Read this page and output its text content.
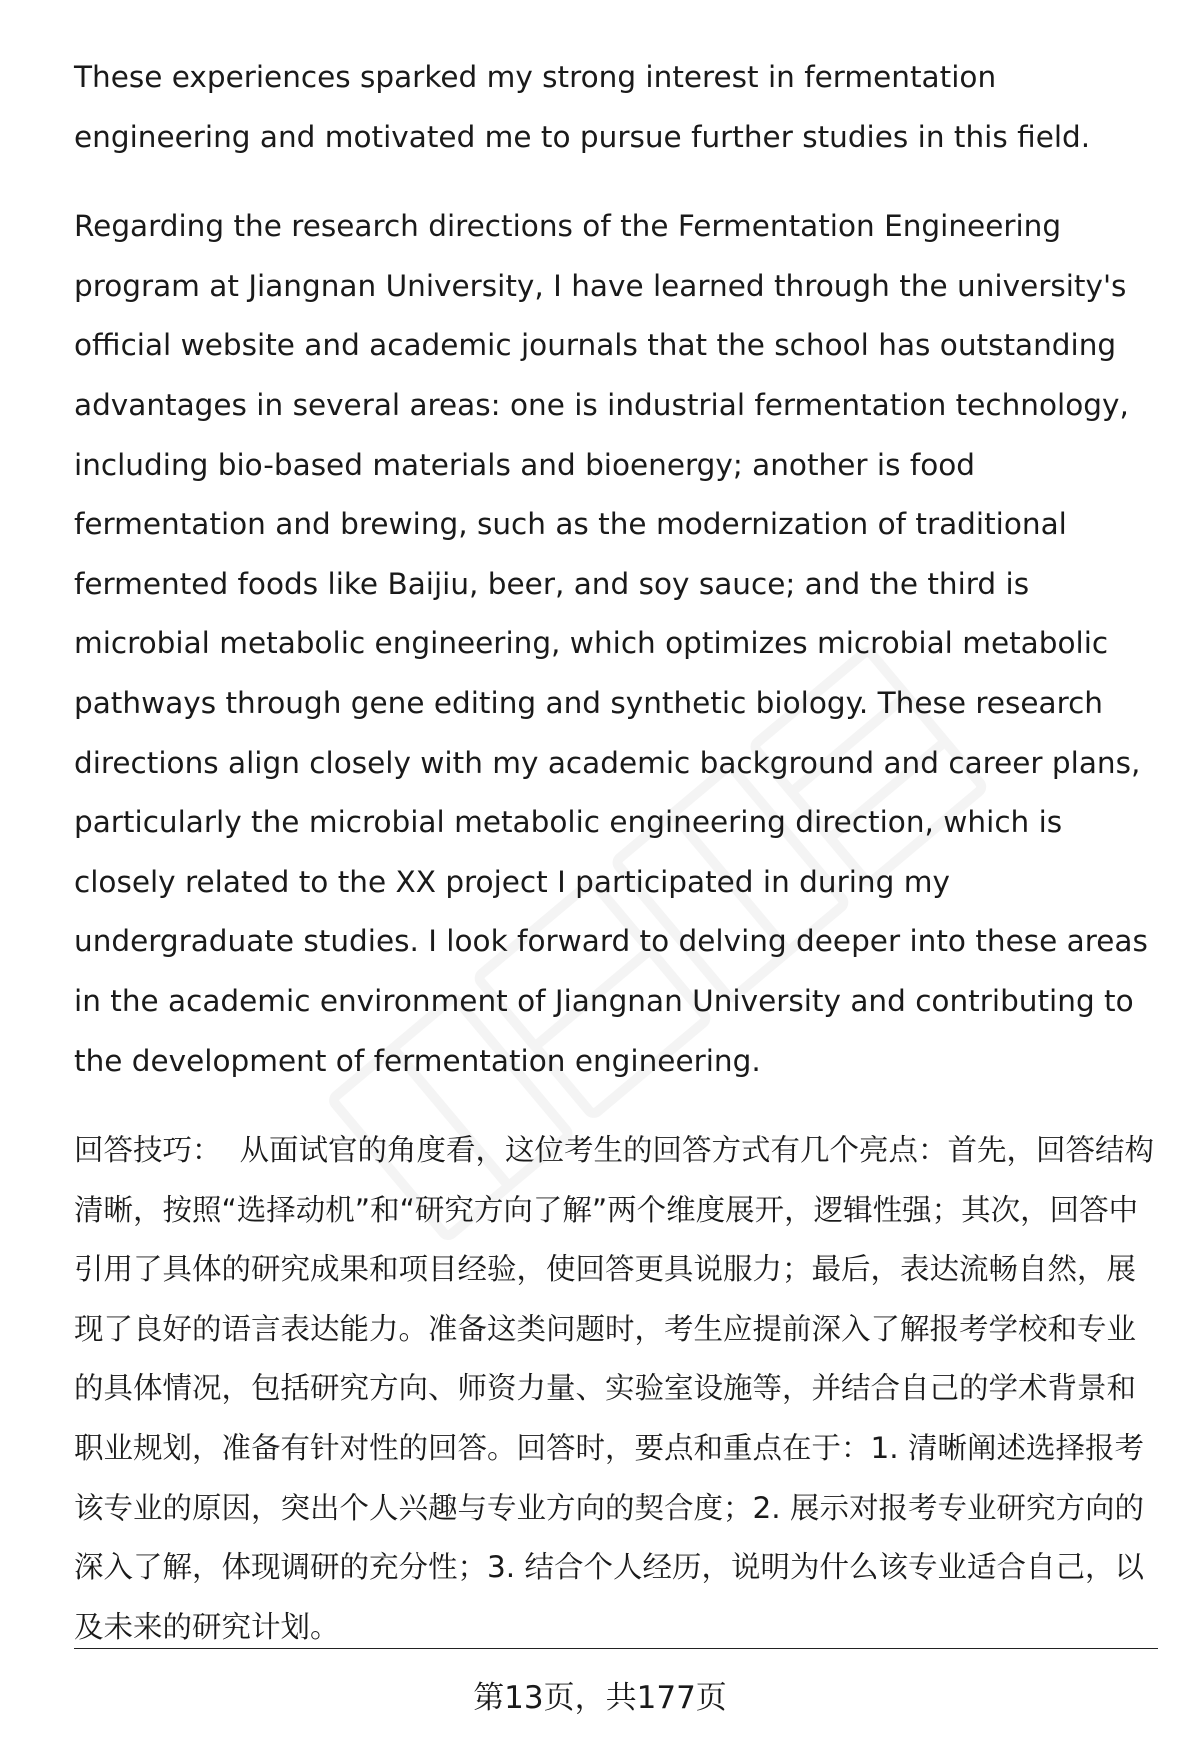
These experiences sparked my strong interest in fermentation engineering and motivated me to pursue further studies in this field.

Regarding the research directions of the Fermentation Engineering program at Jiangnan University, I have learned through the university's official website and academic journals that the school has outstanding advantages in several areas: one is industrial fermentation technology, including bio-based materials and bioenergy; another is food fermentation and brewing, such as the modernization of traditional fermented foods like Baijiu, beer, and soy sauce; and the third is microbial metabolic engineering, which optimizes microbial metabolic pathways through gene editing and synthetic biology. These research directions align closely with my academic background and career plans, particularly the microbial metabolic engineering direction, which is closely related to the XX project I participated in during my undergraduate studies. I look forward to delving deeper into these areas in the academic environment of Jiangnan University and contributing to the development of fermentation engineering.

回答技巧： 从面试官的角度看，这位考生的回答方式有几个亮点：首先，回答结构清晰，按照“选择动机”和“研究方向了解”两个维度展开，逻辑性强；其次，回答中引用了具体的研究成果和项目经验，使回答更具说服力；最后，表达流畅自然，展现了良好的语言表达能力。准备这类问题时，考生应提前深入了解报考学校和专业的具体情况，包括研究方向、师资力量、实验室设施等，并结合自己的学术背景和职业规划，准备有针对性的回答。回答时，要点和重点在于：1. 清晰阐述选择报考该专业的原因，突出个人兴趣与专业方向的契合度；2. 展示对报考专业研究方向的深入了解，体现调研的充分性；3. 结合个人经历，说明为什么该专业适合自己，以及未来的研究计划。

第13页，共177页
